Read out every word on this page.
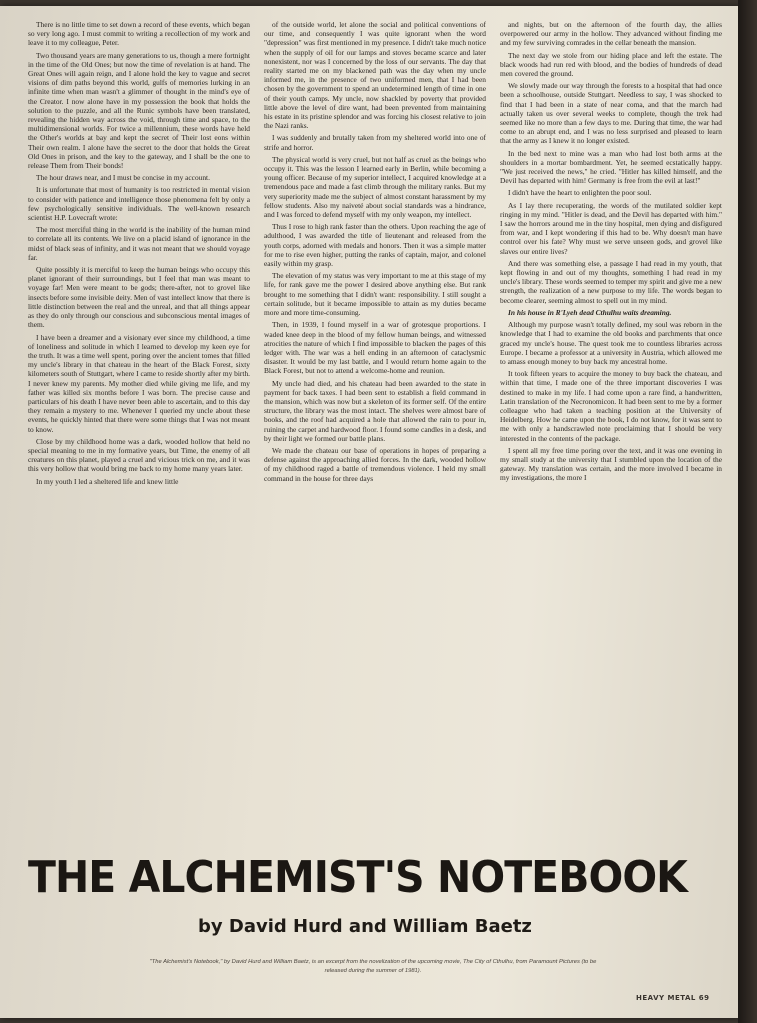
There is no little time to set down a record of these events, which began so very long ago. I must commit to writing a recollection of my work and leave it to my colleague, Peter.

Two thousand years are many generations to us, though a mere fortnight in the time of the Old Ones; but now the time of revelation is at hand. The Great Ones will again reign, and I alone hold the key to vague and secret visions of dim paths beyond this world, gulfs of memories lurking in an infinite time when man wasn't a glimmer of thought in the mind's eye of the Creator. I now alone have in my possession the book that holds the solution to the puzzle, and all the Runic symbols have been translated, revealing the hidden way across the void, through time and space, to the multidimensional worlds. For twice a millennium, these words have held the Other's worlds at bay and kept the secret of Their lost eons within Their own realm. I alone have the secret to the door that holds the Great Old Ones in prison, and the key to the gateway, and I shall be the one to release Them from Their bonds!

The hour draws near, and I must be concise in my account.

It is unfortunate that most of humanity is too restricted in mental vision to consider with patience and intelligence those phenomena felt by only a few psychologically sensitive individuals. The well-known research scientist H.P. Lovecraft wrote:

The most merciful thing in the world is the inability of the human mind to correlate all its contents. We live on a placid island of ignorance in the midst of black seas of infinity, and it was not meant that we should voyage far.

Quite possibly it is merciful to keep the human beings who occupy this planet ignorant of their surroundings, but I feel that man was meant to voyage far! Men were meant to be gods; there-after, not to grovel like insects before some invisible deity. Men of vast intellect know that there is little distinction between the real and the unreal, and that all things appear as they do only through our conscious and subconscious mental images of them.

I have been a dreamer and a visionary ever since my childhood, a time of loneliness and solitude in which I learned to develop my keen eye for the truth. It was a time well spent, poring over the ancient tomes that filled my uncle's library in that chateau in the heart of the Black Forest, sixty kilometers south of Stuttgart, where I came to reside shortly after my birth. I never knew my parents. My mother died while giving me life, and my father was killed six months before I was born. The precise cause and particulars of his death I have never been able to ascertain, and to this day they remain a mystery to me. Whenever I queried my uncle about these events, he quickly hinted that there were some things that I was not meant to know.

Close by my childhood home was a dark, wooded hollow that held no special meaning to me in my formative years, but Time, the enemy of all creatures on this planet, played a cruel and vicious trick on me, and it was this very hollow that would bring me back to my home many years later.

In my youth I led a sheltered life and knew little

of the outside world, let alone the social and political conventions of our time, and consequently I was quite ignorant when the word "depression" was first mentioned in my presence. I didn't take much notice when the supply of oil for our lamps and stoves became scarce and later nonexistent, nor was I concerned by the loss of our servants. The day that reality started me on my blackened path was the day when my uncle informed me, in the presence of two uniformed men, that I had been chosen by the government to spend an undetermined length of time in one of their youth camps. My uncle, now shackled by poverty that provided little above the level of dire want, had been prevented from maintaining his estate in its pristine splendor and was forcing his closest relative to join the Nazi ranks.

I was suddenly and brutally taken from my sheltered world into one of strife and horror.

The physical world is very cruel, but not half as cruel as the beings who occupy it. This was the lesson I learned early in Berlin, while becoming a young officer. Because of my superior intellect, I acquired knowledge at a tremendous pace and made a fast climb through the military ranks. But my very superiority made me the subject of almost constant harassment by my fellow students. Also my naiveté about social standards was a hindrance, and I was forced to defend myself with my only weapon, my intellect.

Thus I rose to high rank faster than the others. Upon reaching the age of adulthood, I was awarded the title of lieutenant and released from the youth corps, adorned with medals and honors. Then it was a simple matter for me to rise even higher, putting the ranks of captain, major, and colonel easily within my grasp.

The elevation of my status was very important to me at this stage of my life, for rank gave me the power I desired above anything else. But rank brought to me something that I didn't want: responsibility. I still sought a certain solitude, but it became impossible to attain as my duties became more and more time-consuming.

Then, in 1939, I found myself in a war of grotesque proportions. I waded knee deep in the blood of my fellow human beings, and witnessed atrocities the nature of which I find impossible to blacken the pages of this ledger with. The war was a hell ending in an afternoon of cataclysmic disaster. It would be my last battle, and I would return home again to the Black Forest, but not to attend a welcome-home and reunion.

My uncle had died, and his chateau had been awarded to the state in payment for back taxes. I had been sent to establish a field command in the mansion, which was now but a skeleton of its former self. Of the entire structure, the library was the most intact. The shelves were almost bare of books, and the roof had acquired a hole that allowed the rain to pour in, ruining the carpet and hardwood floor. I found some candles in a desk, and by their light we formed our battle plans.

We made the chateau our base of operations in hopes of preparing a defense against the approaching allied forces. In the dark, wooded hollow of my childhood raged a battle of tremendous violence. I held my small command in the house for three days

and nights, but on the afternoon of the fourth day, the allies overpowered our army in the hollow. They advanced without finding me and my few surviving comrades in the cellar beneath the mansion.

The next day we stole from our hiding place and left the estate. The black woods had run red with blood, and the bodies of hundreds of dead men covered the ground.

We slowly made our way through the forests to a hospital that had once been a schoolhouse, outside Stuttgart. Needless to say, I was shocked to find that I had been in a state of near coma, and that the march had actually taken us over several weeks to complete, though the trek had seemed like no more than a few days to me. During that time, the war had come to an abrupt end, and I was no less surprised and pleased to learn that the army as I knew it no longer existed.

In the bed next to mine was a man who had lost both arms at the shoulders in a mortar bombardment. Yet, he seemed ecstatically happy. "We just received the news," he cried. "Hitler has killed himself, and the Devil has departed with him! Germany is free from the evil at last!"

I didn't have the heart to enlighten the poor soul.

As I lay there recuperating, the words of the mutilated soldier kept ringing in my mind. "Hitler is dead, and the Devil has departed with him." I saw the horrors around me in the tiny hospital, men dying and disfigured from war, and I kept wondering if this had to be. Why doesn't man have control over his fate? Why must we serve unseen gods, and grovel like slaves our entire lives?

And there was something else, a passage I had read in my youth, that kept flowing in and out of my thoughts, something I had read in my uncle's library. These words seemed to temper my spirit and give me a new strength, the realization of a new purpose to my life. The words began to become clearer, seeming almost to spell out in my mind.

In his house in R'Lyeh dead Cthulhu waits dreaming.

Although my purpose wasn't totally defined, my soul was reborn in the knowledge that I had to examine the old books and parchments that once graced my uncle's house. The quest took me to countless libraries across Europe. I became a professor at a university in Austria, which allowed me to amass enough money to buy back my ancestral home.

It took fifteen years to acquire the money to buy back the chateau, and within that time, I made one of the three important discoveries I was destined to make in my life. I had come upon a rare find, a handwritten, Latin translation of the Necronomicon. It had been sent to me by a former colleague who had taken a teaching position at the University of Heidelberg. How he came upon the book, I do not know, for it was sent to me with only a handscrawled note proclaiming that I should be very interested in the contents of the package.

I spent all my free time poring over the text, and it was one evening in my small study at the university that I stumbled upon the location of the gateway. My translation was certain, and the more involved I became in my investigations, the more I

THE ALCHEMIST'S NOTEBOOK
by David Hurd and William Baetz
"The Alchemist's Notebook," by David Hurd and William Baetz, is an excerpt from the novelization of the upcoming movie, The City of Cthulhu, from Paramount Pictures (to be released during the summer of 1981).
HEAVY METAL 69
